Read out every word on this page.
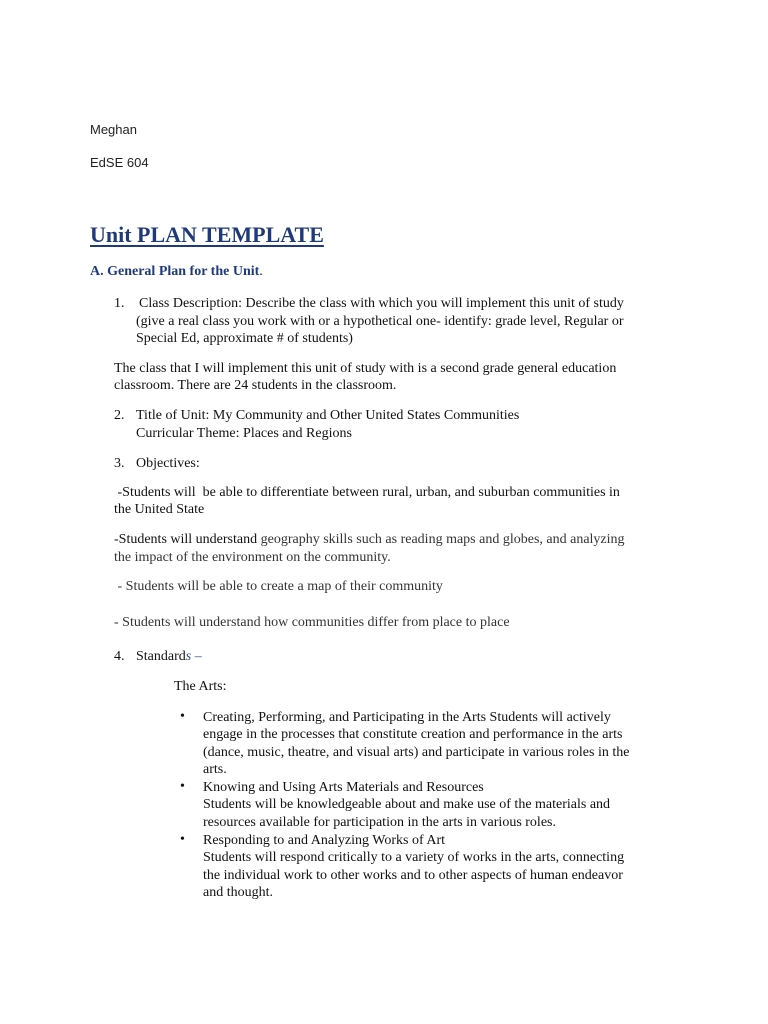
Meghan
EdSE 604
Unit PLAN TEMPLATE
A. General Plan for the Unit.
1. Class Description: Describe the class with which you will implement this unit of study
(give a real class you work with or a hypothetical one- identify: grade level, Regular or
Special Ed, approximate # of students)
The class that I will implement this unit of study with is a second grade general education
classroom. There are 24 students in the classroom.
2. Title of Unit: My Community and Other United States Communities
Curricular Theme: Places and Regions
3. Objectives:
-Students will  be able to differentiate between rural, urban, and suburban communities in
the United State
-Students will understand geography skills such as reading maps and globes, and analyzing
the impact of the environment on the community.
- Students will be able to create a map of their community
- Students will understand how communities differ from place to place
4. Standards –
The Arts:
• Creating, Performing, and Participating in the Arts Students will actively
engage in the processes that constitute creation and performance in the arts
(dance, music, theatre, and visual arts) and participate in various roles in the
arts.
• Knowing and Using Arts Materials and Resources
Students will be knowledgeable about and make use of the materials and
resources available for participation in the arts in various roles.
• Responding to and Analyzing Works of Art
Students will respond critically to a variety of works in the arts, connecting
the individual work to other works and to other aspects of human endeavor
and thought.
